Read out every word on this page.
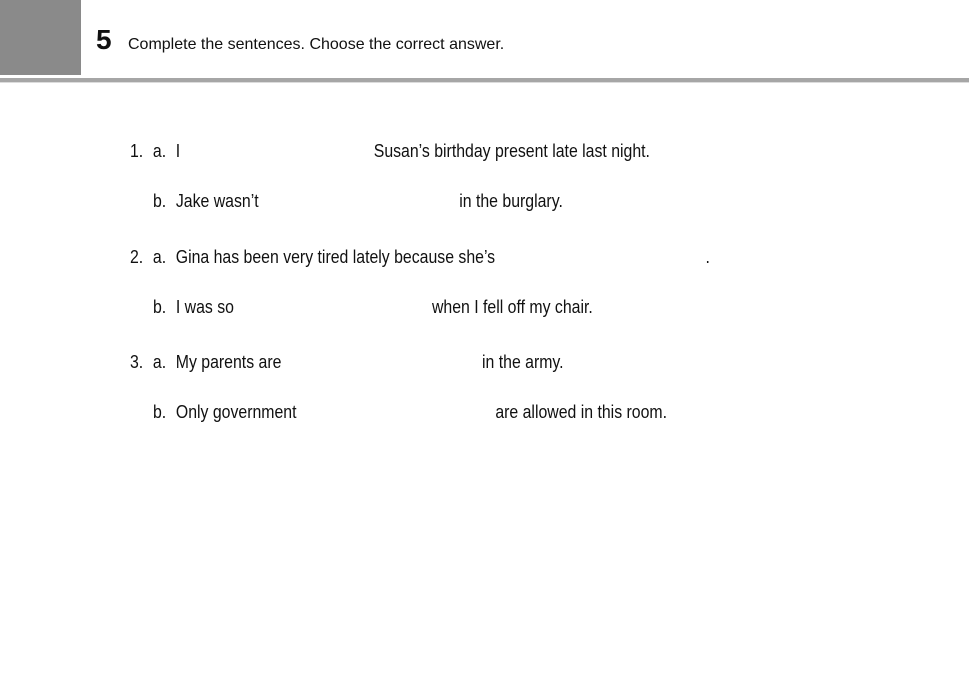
5 Complete the sentences. Choose the correct answer.
1. a. I	Susan’s birthday present late last night.
b. Jake wasn’t	in the burglary.
2. a. Gina has been very tired lately because she’s	.
b. I was so	when I fell off my chair.
3. a. My parents are	in the army.
b. Only government	are allowed in this room.
